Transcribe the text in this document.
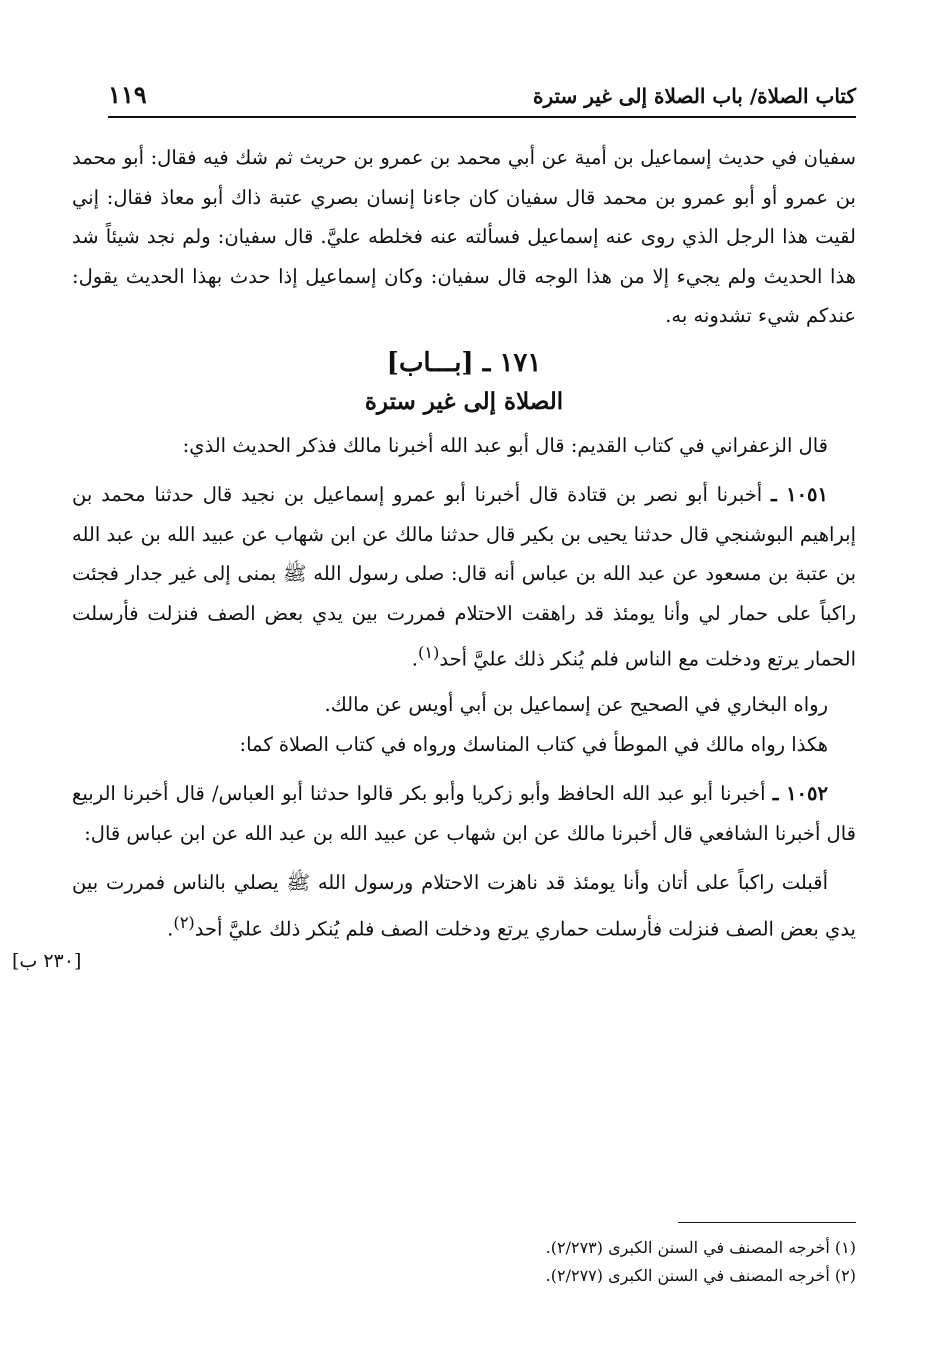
كتاب الصلاة/ باب الصلاة إلى غير سترة
١١٩

سفيان في حديث إسماعيل بن أمية عن أبي محمد بن عمرو بن حريث ثم شك فيه فقال: أبو محمد بن عمرو أو أبو عمرو بن محمد قال سفيان كان جاءنا إنسان بصري عتبة ذاك أبو معاذ فقال: إني لقيت هذا الرجل الذي روى عنه إسماعيل فسألته عنه فخلطه عليَّ. قال سفيان: ولم نجد شيئاً شد هذا الحديث ولم يجيء إلا من هذا الوجه قال سفيان: وكان إسماعيل إذا حدث بهذا الحديث يقول: عندكم شيء تشدونه به.

١٧١ ـ [بـــاب]

الصلاة إلى غير سترة

قال الزعفراني في كتاب القديم: قال أبو عبد الله أخبرنا مالك فذكر الحديث الذي:

١٠٥١ ـ أخبرنا أبو نصر بن قتادة قال أخبرنا أبو عمرو إسماعيل بن نجيد قال حدثنا محمد بن إبراهيم البوشنجي قال حدثنا يحيى بن بكير قال حدثنا مالك عن ابن شهاب عن عبيد الله بن عبد الله بن عتبة بن مسعود عن عبد الله بن عباس أنه قال: صلى رسول الله ﷺ بمنى إلى غير جدار فجئت راكباً على حمار لي وأنا يومئذ قد راهقت الاحتلام فمررت بين يدي بعض الصف فنزلت فأرسلت الحمار يرتع ودخلت مع الناس فلم يُنكر ذلك عليَّ أحد$^{(١)}$.

رواه البخاري في الصحيح عن إسماعيل بن أبي أويس عن مالك.

هكذا رواه مالك في الموطأ في كتاب المناسك ورواه في كتاب الصلاة كما:

١٠٥٢ ـ أخبرنا أبو عبد الله الحافظ وأبو زكريا وأبو بكر قالوا حدثنا أبو العباس/ قال أخبرنا الربيع قال أخبرنا الشافعي قال أخبرنا مالك عن ابن شهاب عن عبيد الله بن عبد الله عن ابن عباس قال:

أقبلت راكباً على أتان وأنا يومئذ قد ناهزت الاحتلام ورسول الله ﷺ يصلي بالناس فمررت بين يدي بعض الصف فنزلت فأرسلت حماري يرتع ودخلت الصف فلم يُنكر ذلك عليَّ أحد$^{(٢)}$.

[٢٣٠ ب]
(١) أخرجه المصنف في السنن الكبرى (٢/٢٧٣).
(٢) أخرجه المصنف في السنن الكبرى (٢/٢٧٧).
